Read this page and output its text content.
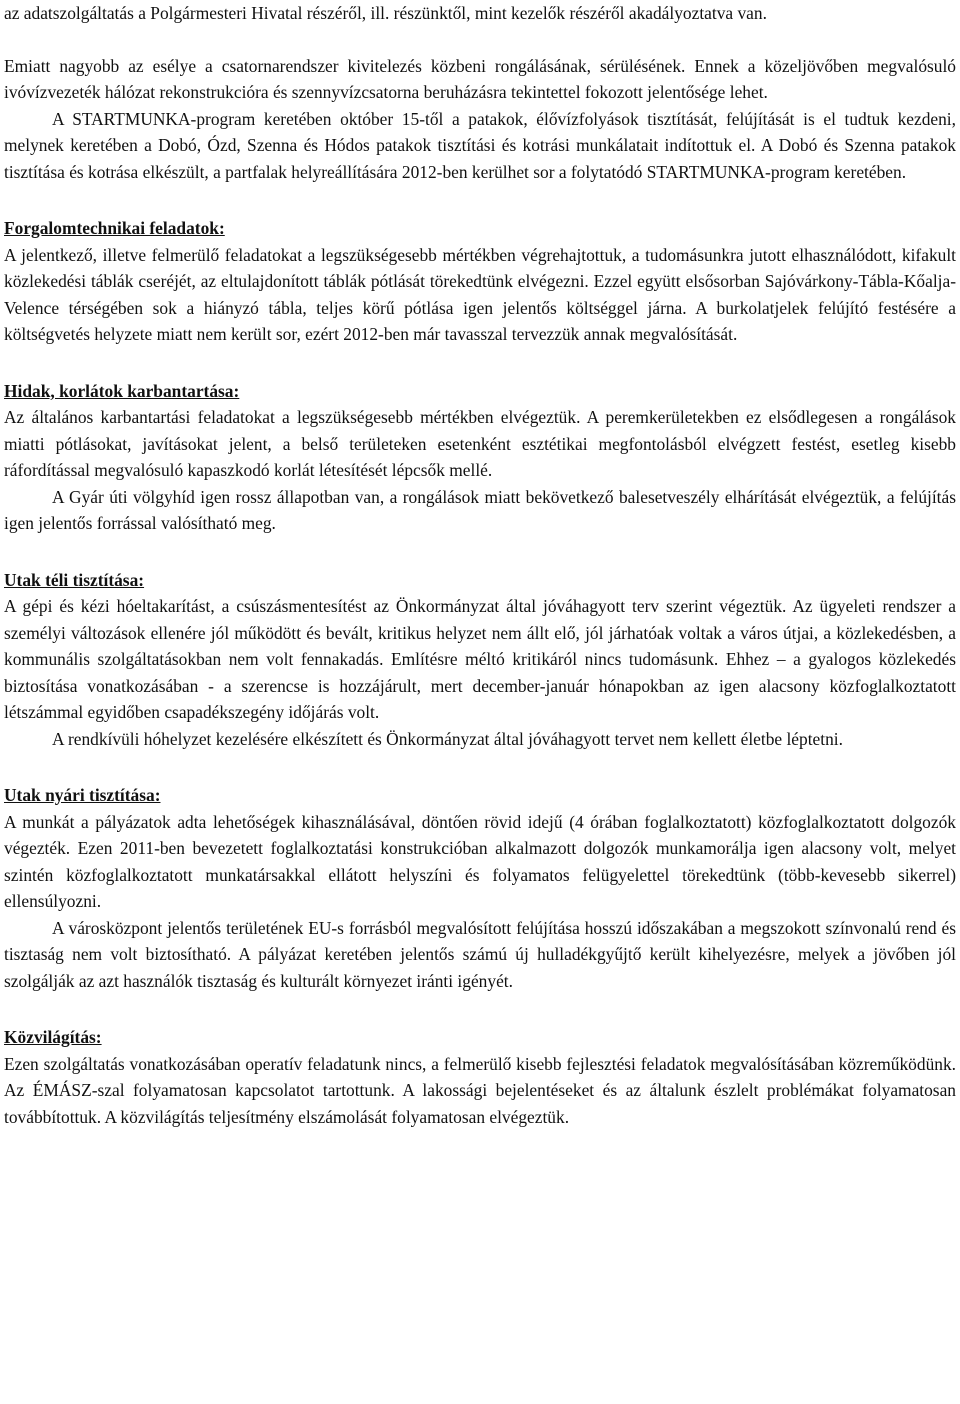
az adatszolgáltatás a Polgármesteri Hivatal részéről, ill. részünktől, mint kezelők részéről akadályoztatva van.

Emiatt nagyobb az esélye a csatornarendszer kivitelezés közbeni rongálásának, sérülésének. Ennek a közeljövőben megvalósuló ivóvízvezeték hálózat rekonstrukcióra és szennyvízcsatorna beruházásra tekintettel fokozott jelentősége lehet.

A STARTMUNKA-program keretében október 15-től a patakok, élővízfolyások tisztítását, felújítását is el tudtuk kezdeni, melynek keretében a Dobó, Ózd, Szenna és Hódos patakok tisztítási és kotrási munkálatait indítottuk el. A Dobó és Szenna patakok tisztítása és kotrása elkészült, a partfalak helyreállítására 2012-ben kerülhet sor a folytatódó STARTMUNKA-program keretében.

Forgalomtechnikai feladatok:

A jelentkező, illetve felmerülő feladatokat a legszükségesebb mértékben végrehajtottuk, a tudomásunkra jutott elhasználódott, kifakult közlekedési táblák cseréjét, az eltulajdonított táblák pótlását törekedtünk elvégezni. Ezzel együtt elsősorban Sajóvárkony-Tábla-Kőalja-Velence térségében sok a hiányzó tábla, teljes körű pótlása igen jelentős költséggel járna. A burkolatjelek felújító festésére a költségvetés helyzete miatt nem került sor, ezért 2012-ben már tavasszal tervezzük annak megvalósítását.

Hidak, korlátok karbantartása:

Az általános karbantartási feladatokat a legszükségesebb mértékben elvégeztük. A peremkerületekben ez elsődlegesen a rongálások miatti pótlásokat, javításokat jelent, a belső területeken esetenként esztétikai megfontolásból elvégzett festést, esetleg kisebb ráfordítással megvalósuló kapaszkodó korlát létesítését lépcsők mellé.

A Gyár úti völgyhíd igen rossz állapotban van, a rongálások miatt bekövetkező balesetveszély elhárítását elvégeztük, a felújítás igen jelentős forrással valósítható meg.

Utak téli tisztítása:

A gépi és kézi hóeltakarítást, a csúszásmentesítést az Önkormányzat által jóváhagyott terv szerint végeztük. Az ügyeleti rendszer a személyi változások ellenére jól működött és bevált, kritikus helyzet nem állt elő, jól járhatóak voltak a város útjai, a közlekedésben, a kommunális szolgáltatásokban nem volt fennakadás. Említésre méltó kritikáról nincs tudomásunk. Ehhez – a gyalogos közlekedés biztosítása vonatkozásában - a szerencse is hozzájárult, mert december-január hónapokban az igen alacsony közfoglalkoztatott létszámmal egyidőben csapadékszegény időjárás volt.

A rendkívüli hóhelyzet kezelésére elkészített és Önkormányzat által jóváhagyott tervet nem kellett életbe léptetni.

Utak nyári tisztítása:

A munkát a pályázatok adta lehetőségek kihasználásával, döntően rövid idejű (4 órában foglalkoztatott) közfoglalkoztatott dolgozók végezték. Ezen 2011-ben bevezetett foglalkoztatási konstrukcióban alkalmazott dolgozók munkamorálja igen alacsony volt, melyet szintén közfoglalkoztatott munkatársakkal ellátott helyszíni és folyamatos felügyelettel törekedtünk (több-kevesebb sikerrel) ellensúlyozni.

A városközpont jelentős területének EU-s forrásból megvalósított felújítása hosszú időszakában a megszokott színvonalú rend és tisztaság nem volt biztosítható. A pályázat keretében jelentős számú új hulladékgyűjtő került kihelyezésre, melyek a jövőben jól szolgálják az azt használók tisztaság és kulturált környezet iránti igényét.

Közvilágítás:

Ezen szolgáltatás vonatkozásában operatív feladatunk nincs, a felmerülő kisebb fejlesztési feladatok megvalósításában közreműködünk. Az ÉMÁSZ-szal folyamatosan kapcsolatot tartottunk. A lakossági bejelentéseket és az általunk észlelt problémákat folyamatosan továbbítottuk. A közvilágítás teljesítmény elszámolását folyamatosan elvégeztük.
